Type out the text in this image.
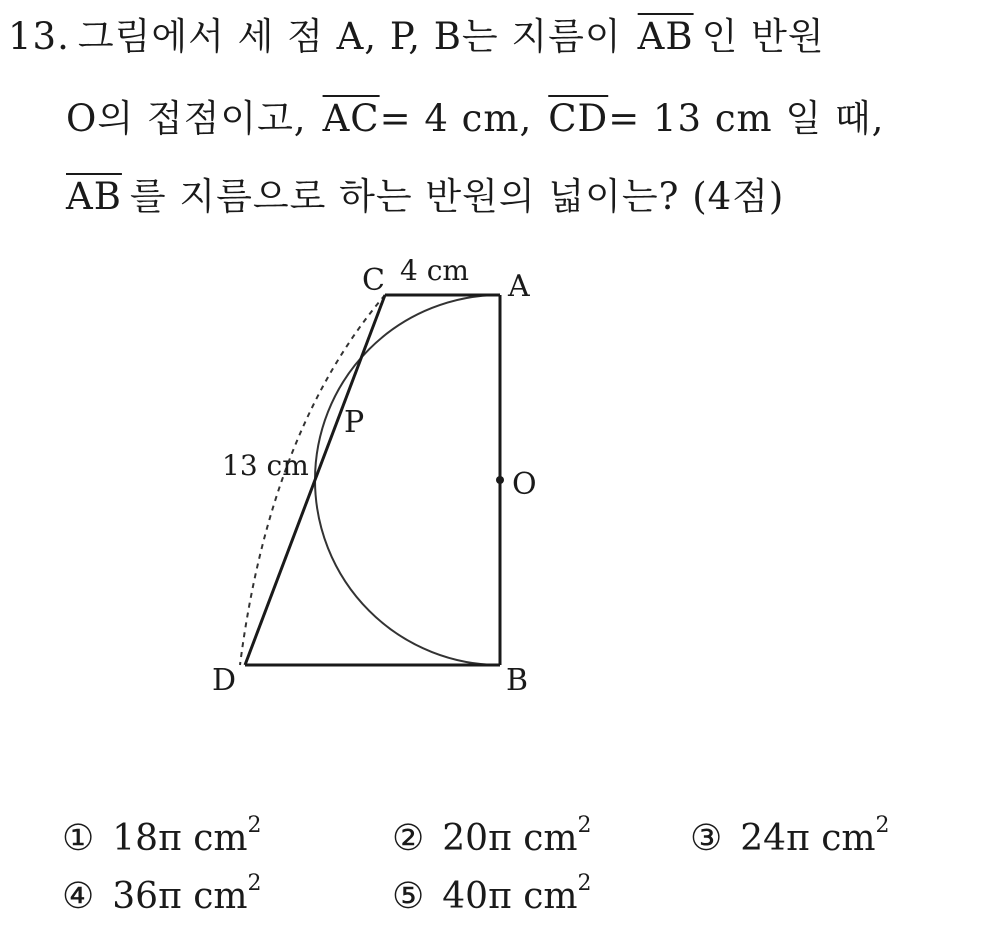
13. 그림에서 세 점 A, P, B는 지름이 $\overline{AB}$ 인 반원
O의 접점이고, $\overline{AC}= 4$ cm, $\overline{CD}= 13$ cm 일 때,
$\overline{AB}$ 를 지름으로 하는 반원의 넓이는? (4점)
C 4 cm A
P
13 cm
O
D	B
① 18π $cm^2$	② 20π $cm^2$	③ 24π $cm^2$
④ 36π $cm^2$	⑤ 40π $cm^2$
